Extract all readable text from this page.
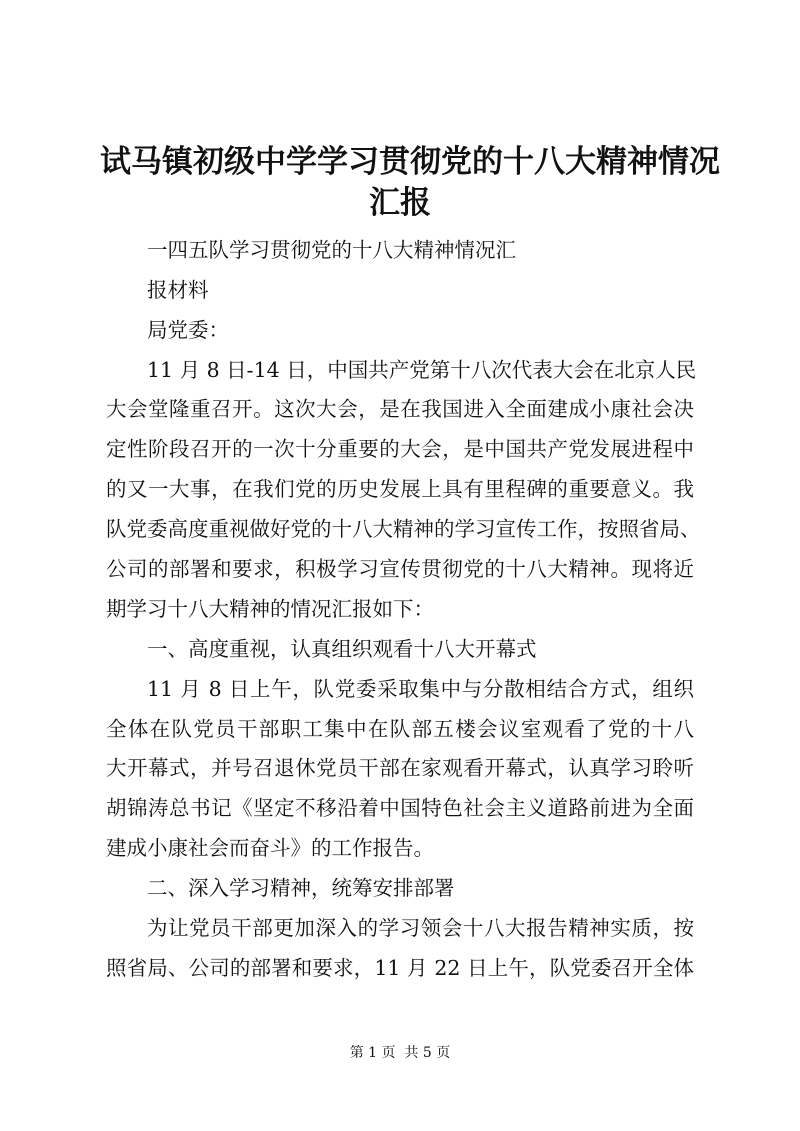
试马镇初级中学学习贯彻党的十八大精神情况
汇报
一四五队学习贯彻党的十八大精神情况汇
报材料
局党委：
11 月 8 日-14 日，中国共产党第十八次代表大会在北京人民
大会堂隆重召开。这次大会，是在我国进入全面建成小康社会决
定性阶段召开的一次十分重要的大会，是中国共产党发展进程中
的又一大事，在我们党的历史发展上具有里程碑的重要意义。我
队党委高度重视做好党的十八大精神的学习宣传工作，按照省局、
公司的部署和要求，积极学习宣传贯彻党的十八大精神。现将近
期学习十八大精神的情况汇报如下：
一、高度重视，认真组织观看十八大开幕式
11 月 8 日上午，队党委采取集中与分散相结合方式，组织
全体在队党员干部职工集中在队部五楼会议室观看了党的十八
大开幕式，并号召退休党员干部在家观看开幕式，认真学习聆听
胡锦涛总书记《坚定不移沿着中国特色社会主义道路前进为全面
建成小康社会而奋斗》的工作报告。
二、深入学习精神，统筹安排部署
为让党员干部更加深入的学习领会十八大报告精神实质，按
照省局、公司的部署和要求，11 月 22 日上午，队党委召开全体
第 1 页  共 5 页
